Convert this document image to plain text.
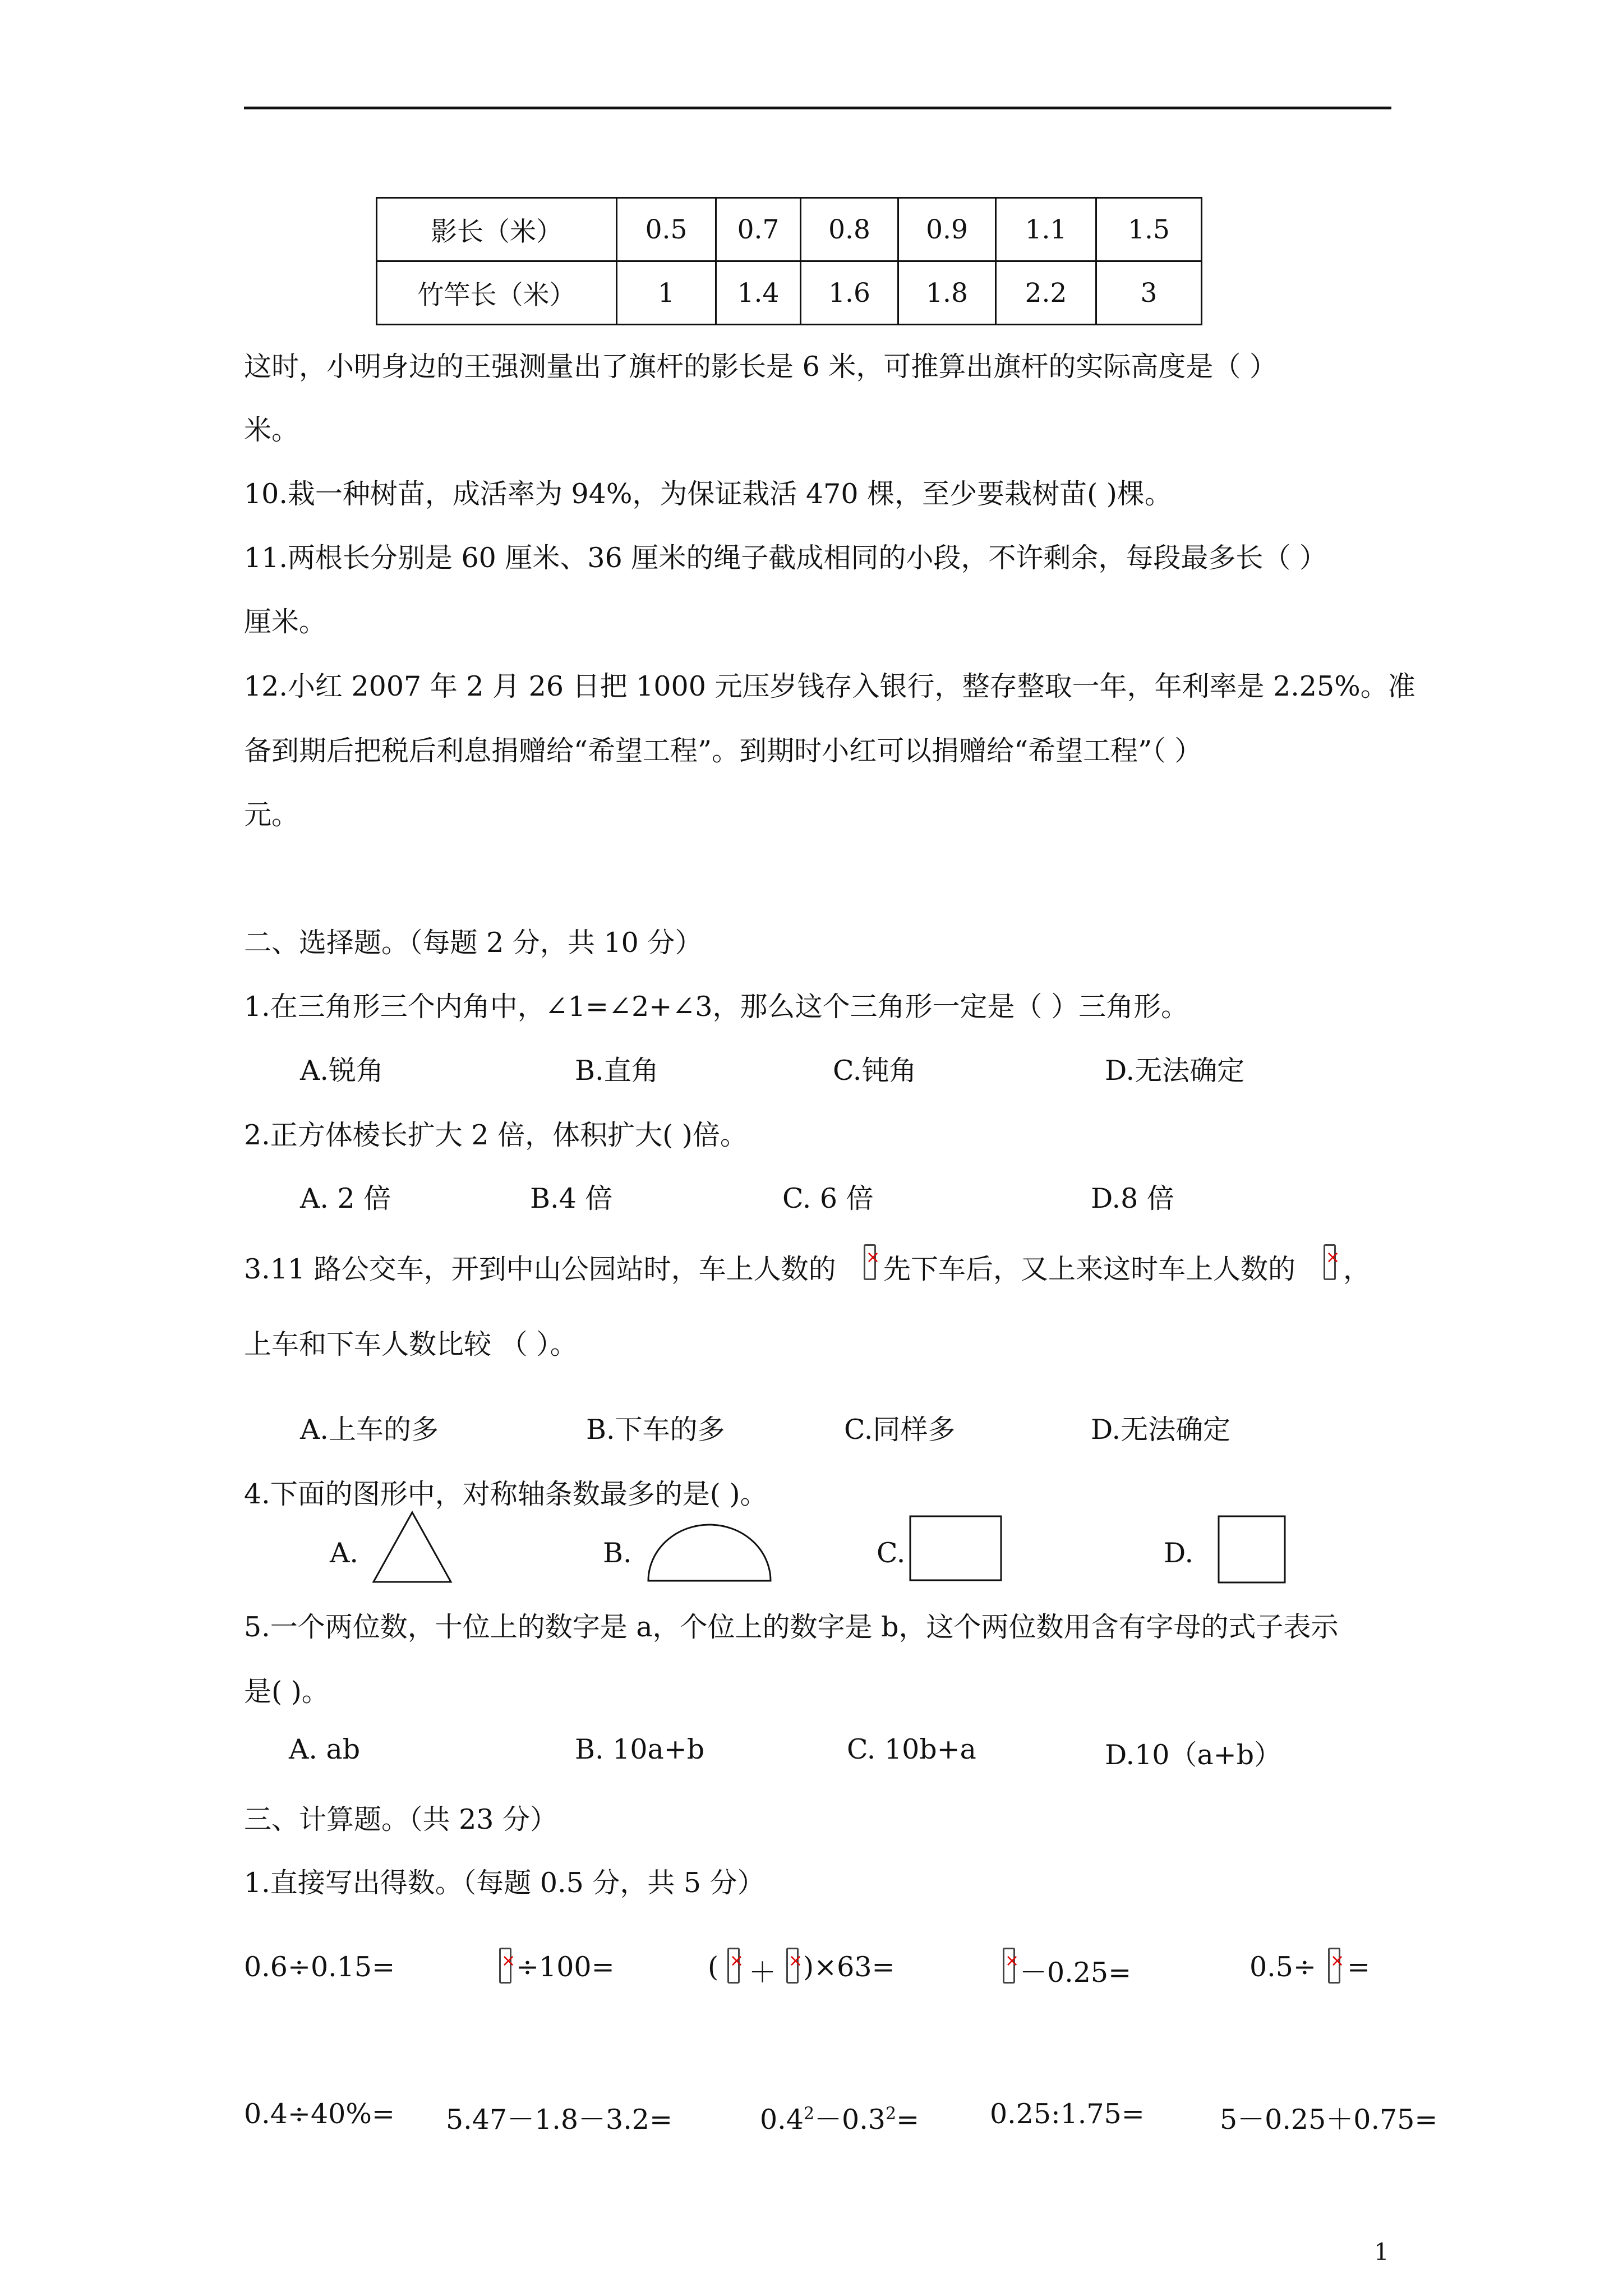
影长（米）	0.5	0.7	0.8	0.9	1.1	1.5
竹竿长（米）	1	1.4	1.6	1.8	2.2	3
这时，小明身边的王强测量出了旗杆的影长是 6 米，可推算出旗杆的实际高度是（ ）
米。
10.栽一种树苗，成活率为 94%，为保证栽活 470 棵，至少要栽树苗( )棵。
11.两根长分别是 60 厘米、36 厘米的绳子截成相同的小段，不许剩余，每段最多长（ ）
厘米。
12.小红 2007 年 2 月 26 日把 1000 元压岁钱存入银行，整存整取一年，年利率是 2.25%。准
备到期后把税后利息捐赠给“希望工程”。到期时小红可以捐赠给“希望工程”（ ）
元。
二、选择题。（每题 2 分，共 10 分）
1.在三角形三个内角中，∠1=∠2+∠3，那么这个三角形一定是（ ）三角形。
A.锐角	B.直角	C.钝角	D.无法确定
2.正方体棱长扩大 2 倍，体积扩大( )倍。
A. 2 倍	B.4 倍	C. 6 倍	D.8 倍
3.11 路公交车，开到中山公园站时，车上人数的 × 先下车后，又上来这时车上人数的 × ，
上车和下车人数比较 （ ）。
A.上车的多	B.下车的多	C.同样多	D.无法确定
4.下面的图形中，对称轴条数最多的是( )。
A.	B.	C.	D.
5.一个两位数，十位上的数字是 a，个位上的数字是 b，这个两位数用含有字母的式子表示
是( )。
A. ab	B. 10a+b	C. 10b+a	D.10（a+b）
三、计算题。（共 23 分）
1.直接写出得数。（每题 0.5 分，共 5 分）
0.6÷0.15= ×	÷100=	( × ＋ × )×63= ×	－0.25=	0.5÷ × =
0.4÷40%= 5.47－1.8－3.2=	$0.4^2-0.3^2=$	0.25:1.75=	5－0.25＋0.75=
1
